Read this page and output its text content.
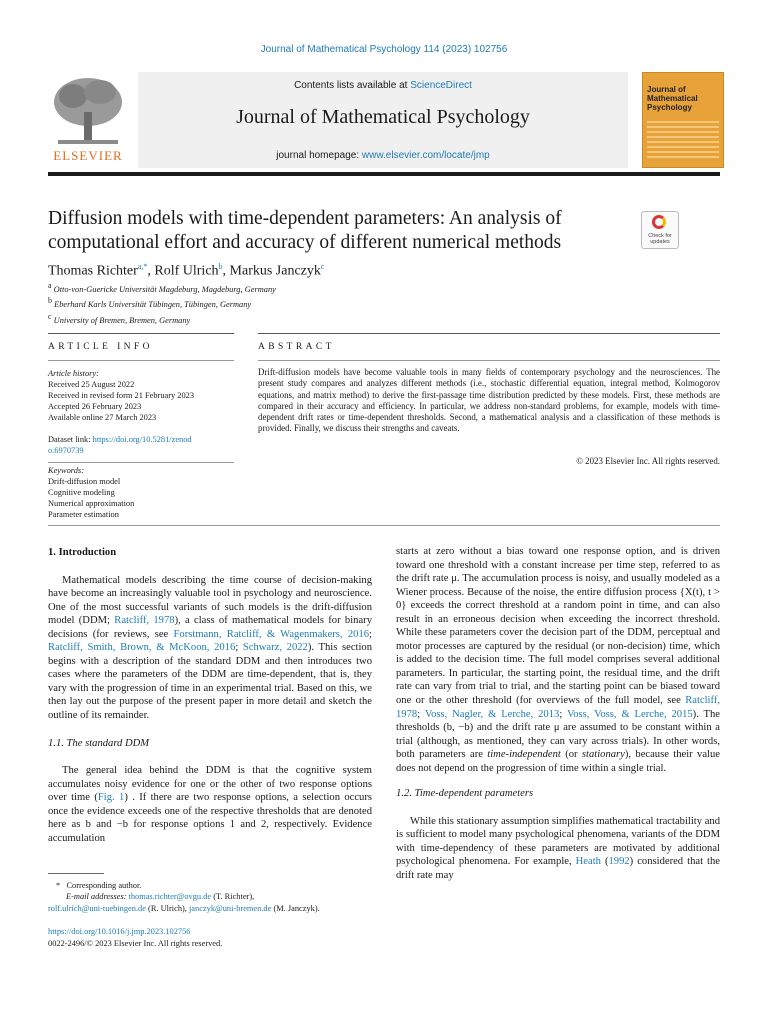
Journal of Mathematical Psychology 114 (2023) 102756
ELSEVIER
Contents lists available at ScienceDirect
Journal of Mathematical Psychology
journal homepage: www.elsevier.com/locate/jmp
Journal of Mathematical Psychology
Diffusion models with time-dependent parameters: An analysis of computational effort and accuracy of different numerical methods	Check for updates
Thomas Richter$^{a,*}$, Rolf Ulrich$^b$, Markus Janczyk$^c$
$^a$ Otto-von-Guericke Universität Magdeburg, Magdeburg, Germany
$^b$ Eberhard Karls Universität Tübingen, Tübingen, Germany
$^c$ University of Bremen, Bremen, Germany
ARTICLE INFO	ABSTRACT
Article history:
Received 25 August 2022
Received in revised form 21 February 2023
Accepted 26 February 2023
Available online 27 March 2023
Dataset link: https://doi.org/10.5281/zenod
o.6970739
Keywords:
Drift-diffusion model
Cognitive modeling
Numerical approximation
Parameter estimation
Drift-diffusion models have become valuable tools in many fields of contemporary psychology and the neurosciences. The present study compares and analyzes different methods (i.e., stochastic differential equation, integral method, Kolmogorov equations, and matrix method) to derive the first-passage time distribution predicted by these models. First, these methods are compared in their accuracy and efficiency. In particular, we address non-standard problems, for example, models with time-dependent drift rates or time-dependent thresholds. Second, a mathematical analysis and a classification of these methods is provided. Finally, we discuss their strengths and caveats.
© 2023 Elsevier Inc. All rights reserved.

1. Introduction

Mathematical models describing the time course of decision-making have become an increasingly valuable tool in psychology and neuroscience. One of the most successful variants of such models is the drift-diffusion model (DDM; Ratcliff, 1978), a class of mathematical models for binary decisions (for reviews, see Forstmann, Ratcliff, & Wagenmakers, 2016; Ratcliff, Smith, Brown, & McKoon, 2016; Schwarz, 2022). This section begins with a description of the standard DDM and then introduces two cases where the parameters of the DDM are time-dependent, that is, they vary with the progression of time in an experimental trial. Based on this, we then lay out the purpose of the present paper in more detail and sketch the outline of its remainder.

1.1. The standard DDM

The general idea behind the DDM is that the cognitive system accumulates noisy evidence for one or the other of two response options over time (Fig. 1) . If there are two response options, a selection occurs once the evidence exceeds one of the respective thresholds that are denoted here as b and −b for response options 1 and 2, respectively. Evidence accumulation

starts at zero without a bias toward one response option, and is driven toward one threshold with a constant increase per time step, referred to as the drift rate μ. The accumulation process is noisy, and usually modeled as a Wiener process. Because of the noise, the entire diffusion process {X(t), t > 0} exceeds the correct threshold at a random point in time, and can also result in an erroneous decision when exceeding the incorrect threshold. While these parameters cover the decision part of the DDM, perceptual and motor processes are captured by the residual (or non-decision) time, which is added to the decision time. The full model comprises several additional parameters. In particular, the starting point, the residual time, and the drift rate can vary from trial to trial, and the starting point can be biased toward one or the other threshold (for overviews of the full model, see Ratcliff, 1978; Voss, Nagler, & Lerche, 2013; Voss, Voss, & Lerche, 2015). The thresholds (b, −b) and the drift rate μ are assumed to be constant within a trial (although, as mentioned, they can vary across trials). In other words, both parameters are time-independent (or stationary), because their value does not depend on the progression of time within a single trial.

1.2. Time-dependent parameters

While this stationary assumption simplifies mathematical tractability and is sufficient to model many psychological phenomena, variants of the DDM with time-dependency of these parameters are motivated by additional psychological phenomena. For example, Heath (1992) considered that the drift rate may

*   Corresponding author.
E-mail addresses: thomas.richter@ovgu.de (T. Richter),
rolf.ulrich@uni-tuebingen.de (R. Ulrich), janczyk@uni-bremen.de (M. Janczyk).
https://doi.org/10.1016/j.jmp.2023.102756
0022-2496/© 2023 Elsevier Inc. All rights reserved.
